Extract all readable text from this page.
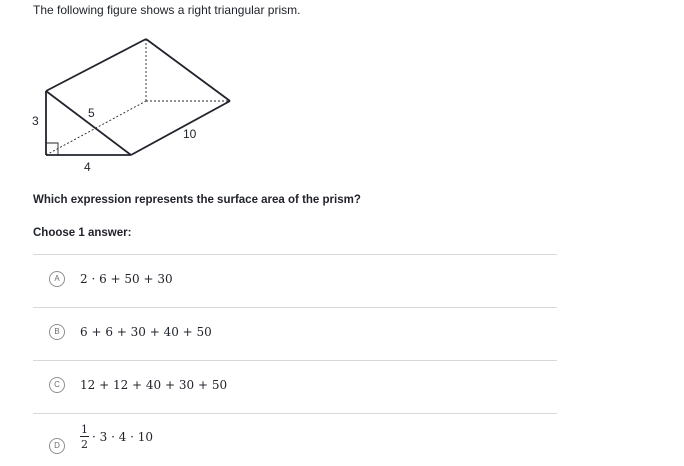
The following figure shows a right triangular prism.
3
5
4
10
Which expression represents the surface area of the prism?
Choose 1 answer:
A	2 · 6 + 50 + 30
B	6 + 6 + 30 + 40 + 50
C	12 + 12 + 40 + 30 + 50
D	$\frac{1}{2} \cdot 3 \cdot 4 \cdot 10$
